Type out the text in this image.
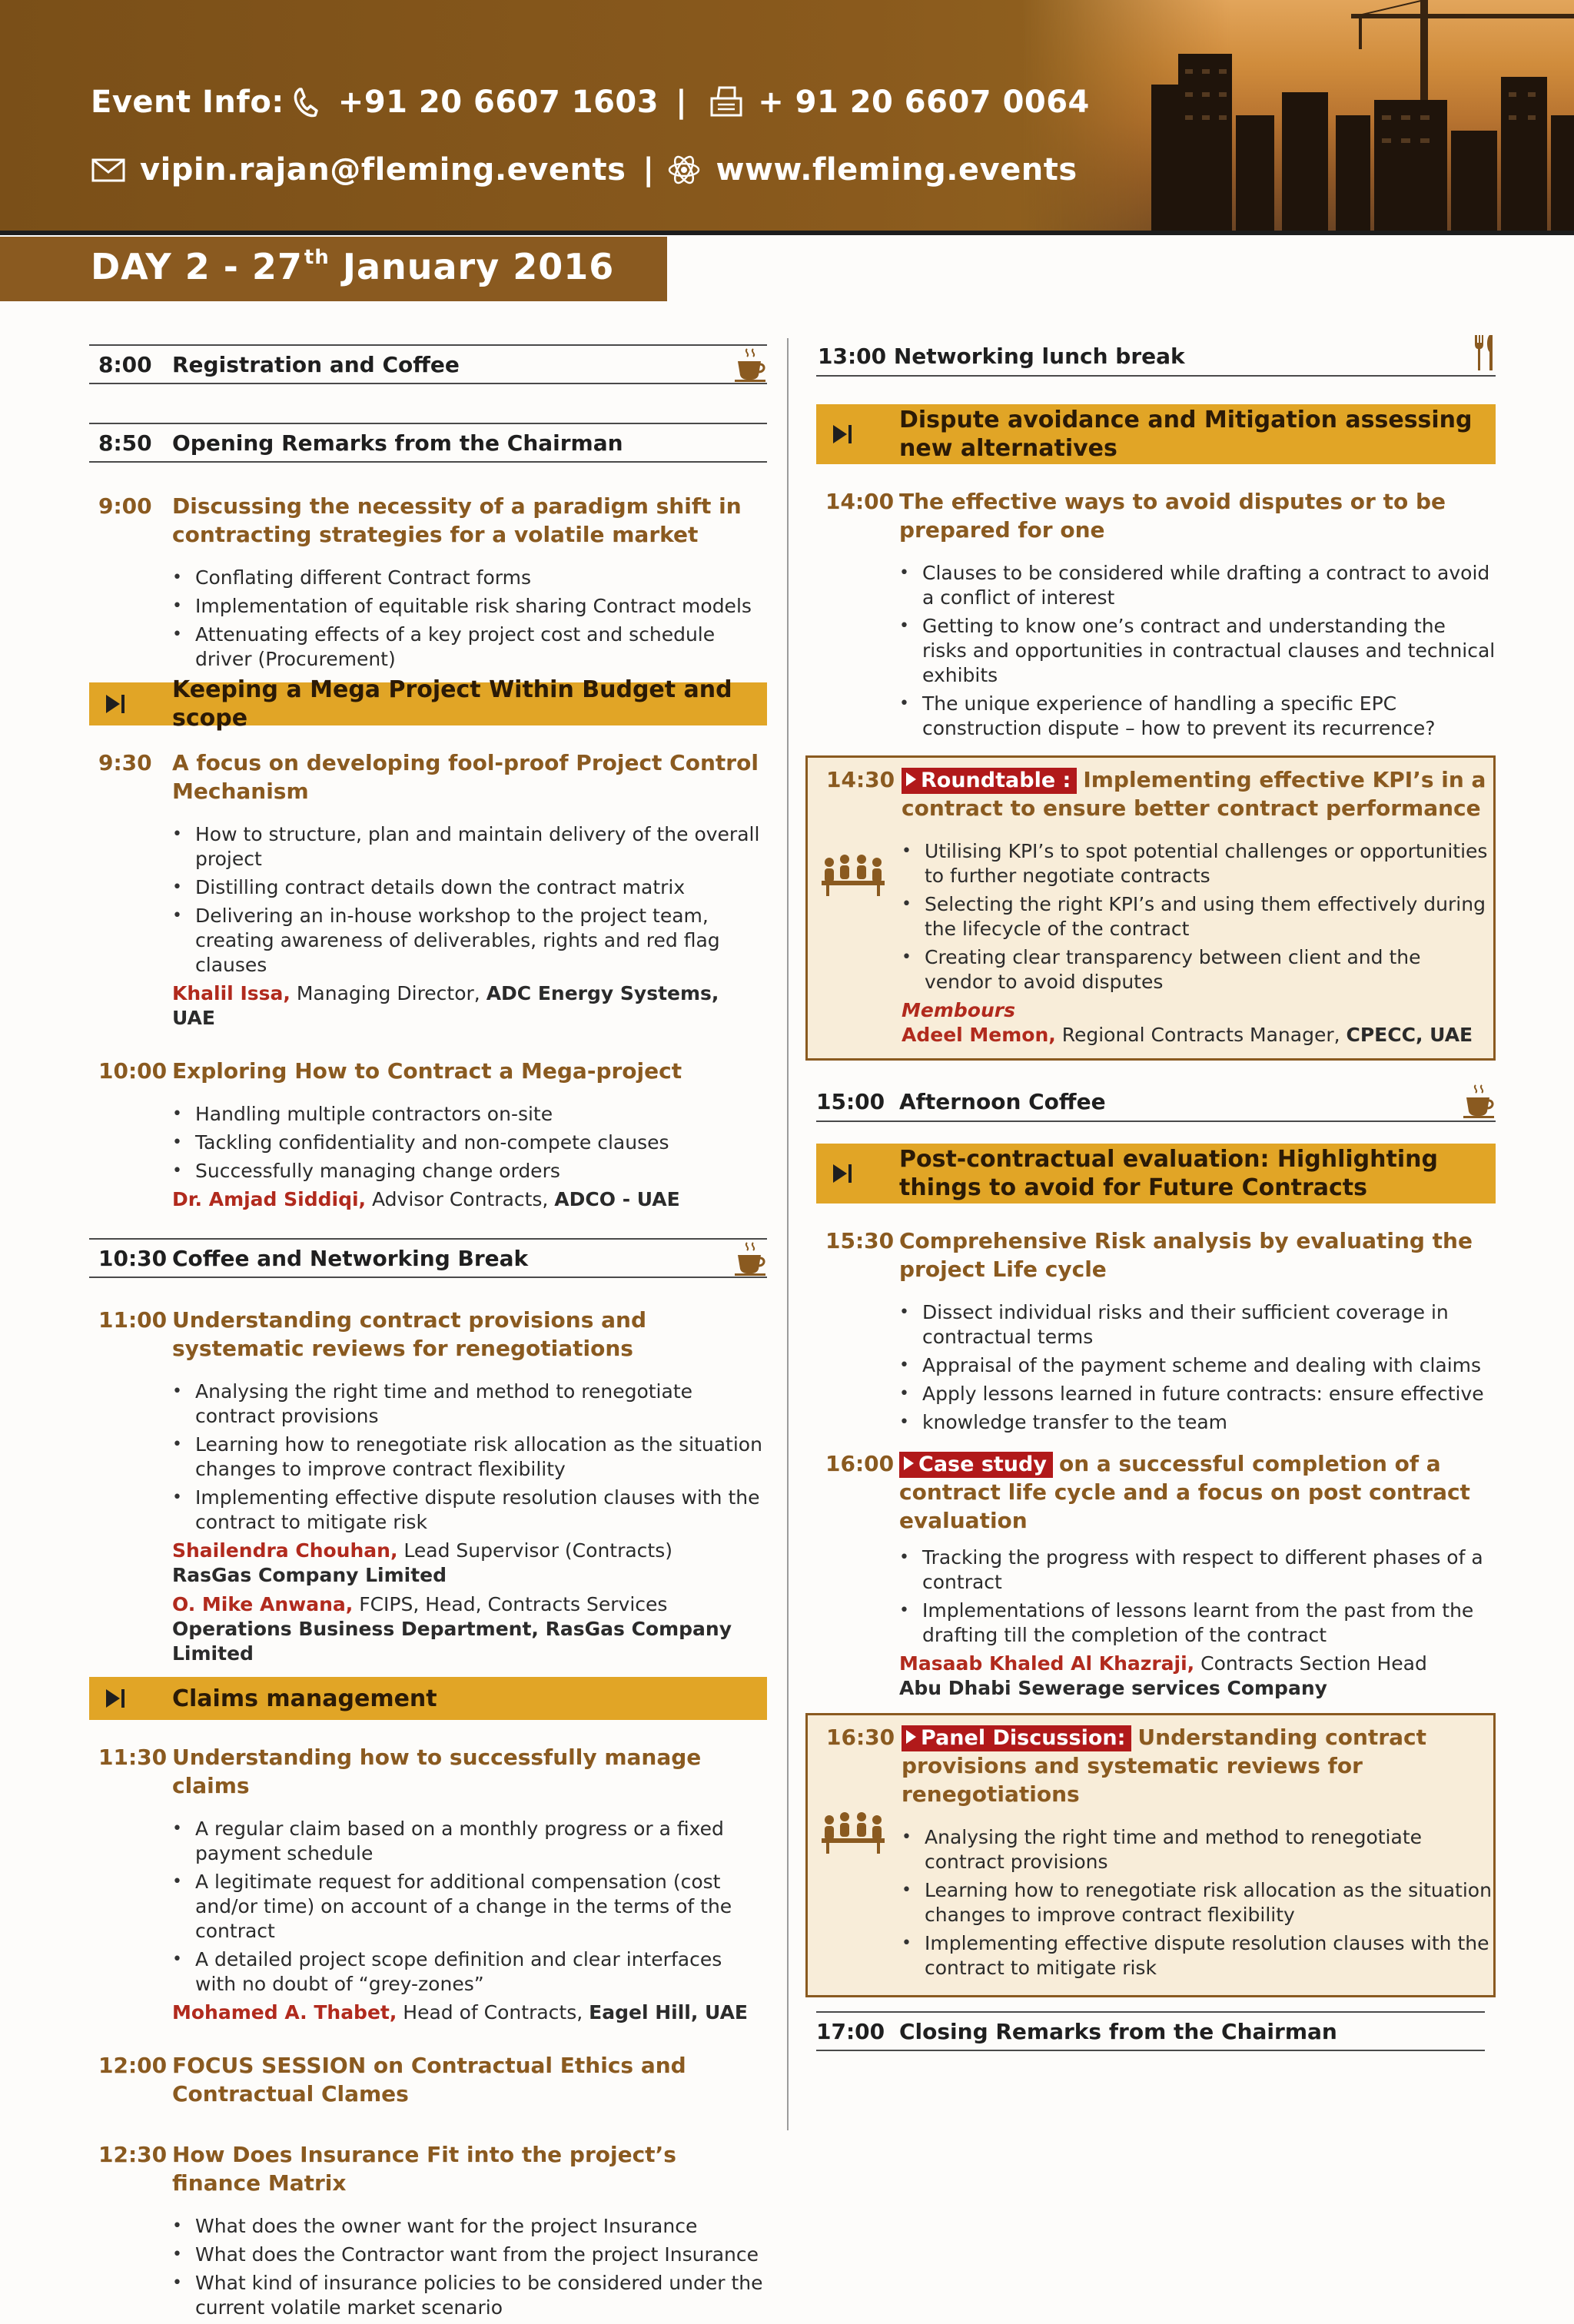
Event Info: +91 20 6607 1603 | + 91 20 6607 0064
vipin.rajan@fleming.events | www.fleming.events
DAY 2 - 27th January 2016
8:00 Registration and Coffee
8:50 Opening Remarks from the Chairman
9:00 Discussing the necessity of a paradigm shift in contracting strategies for a volatile market
• Conflating different Contract forms
• Implementation of equitable risk sharing Contract models
• Attenuating effects of a key project cost and schedule driver (Procurement)
Keeping a Mega Project Within Budget and scope
9:30 A focus on developing fool-proof Project Control Mechanism
• How to structure, plan and maintain delivery of the overall project
• Distilling contract details down the contract matrix
• Delivering an in-house workshop to the project team, creating awareness of deliverables, rights and red flag clauses
Khalil Issa, Managing Director, ADC Energy Systems, UAE
10:00 Exploring How to Contract a Mega-project
• Handling multiple contractors on-site
• Tackling confidentiality and non-compete clauses
• Successfully managing change orders
Dr. Amjad Siddiqi, Advisor Contracts, ADCO - UAE
10:30 Coffee and Networking Break
11:00 Understanding contract provisions and systematic reviews for renegotiations
• Analysing the right time and method to renegotiate contract provisions
• Learning how to renegotiate risk allocation as the situation changes to improve contract flexibility
• Implementing effective dispute resolution clauses with the contract to mitigate risk
Shailendra Chouhan, Lead Supervisor (Contracts)
RasGas Company Limited
O. Mike Anwana, FCIPS, Head, Contracts Services
Operations Business Department, RasGas Company Limited
Claims management
11:30 Understanding how to successfully manage claims
• A regular claim based on a monthly progress or a fixed payment schedule
• A legitimate request for additional compensation (cost and/or time) on account of a change in the terms of the contract
• A detailed project scope definition and clear interfaces with no doubt of “grey-zones”
Mohamed A. Thabet, Head of Contracts, Eagel Hill, UAE
12:00 FOCUS SESSION on Contractual Ethics and Contractual Clames
12:30 How Does Insurance Fit into the project’s finance Matrix
• What does the owner want for the project Insurance
• What does the Contractor want from the project Insurance
• What kind of insurance policies to be considered under the current volatile market scenario
13:00 Networking lunch break
Dispute avoidance and Mitigation assessing new alternatives
14:00 The effective ways to avoid disputes or to be prepared for one
• Clauses to be considered while drafting a contract to avoid a conflict of interest
• Getting to know one’s contract and understanding the risks and opportunities in contractual clauses and technical exhibits
• The unique experience of handling a specific EPC construction dispute – how to prevent its recurrence?
14:30	Roundtable : Implementing effective KPI’s in a contract to ensure better contract performance
• Utilising KPI’s to spot potential challenges or opportunities to further negotiate contracts
• Selecting the right KPI’s and using them effectively during the lifecycle of the contract
• Creating clear transparency between client and the vendor to avoid disputes
Membours
Adeel Memon, Regional Contracts Manager, CPECC, UAE
15:00 Afternoon Coffee
Post-contractual evaluation: Highlighting things to avoid for Future Contracts
15:30 Comprehensive Risk analysis by evaluating the project Life cycle
• Dissect individual risks and their sufficient coverage in contractual terms
• Appraisal of the payment scheme and dealing with claims
• Apply lessons learned in future contracts: ensure effective
• knowledge transfer to the team
16:00	Case study on a successful completion of a contract life cycle and a focus on post contract evaluation
• Tracking the progress with respect to different phases of a contract
• Implementations of lessons learnt from the past from the drafting till the completion of the contract
Masaab Khaled Al Khazraji, Contracts Section Head
Abu Dhabi Sewerage services Company
16:30	Panel Discussion: Understanding contract provisions and systematic reviews for renegotiations
• Analysing the right time and method to renegotiate contract provisions
• Learning how to renegotiate risk allocation as the situation changes to improve contract flexibility
• Implementing effective dispute resolution clauses with the contract to mitigate risk
17:00 Closing Remarks from the Chairman
